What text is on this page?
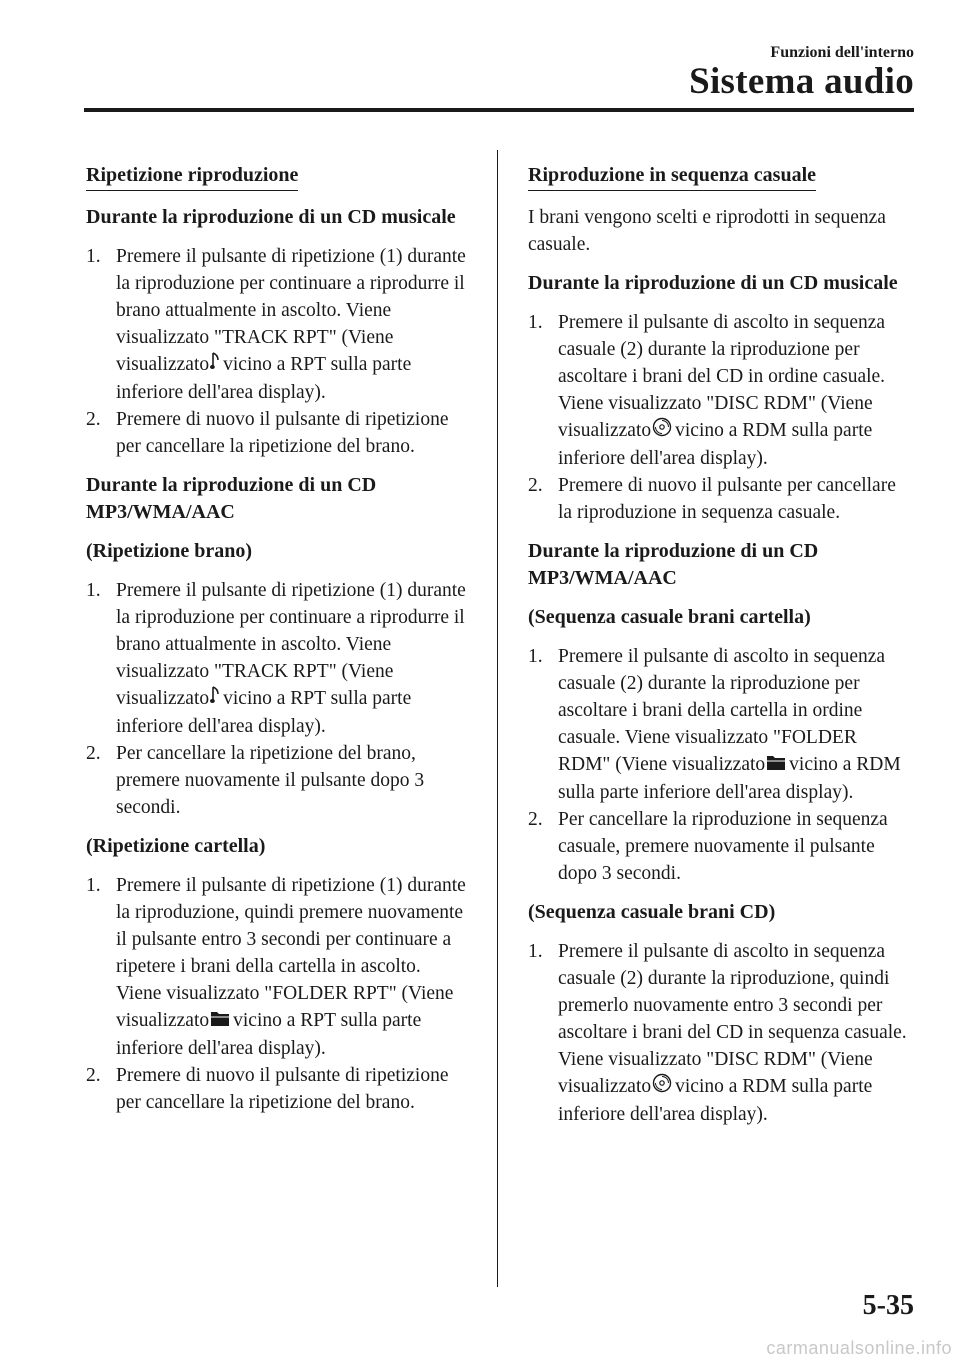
Funzioni dell'interno
Sistema audio
Ripetizione riproduzione
Durante la riproduzione di un CD musicale
1. Premere il pulsante di ripetizione (1) durante la riproduzione per continuare a riprodurre il brano attualmente in ascolto. Viene visualizzato "TRACK RPT" (Viene visualizzato vicino a RPT sulla parte inferiore dell'area display).
2. Premere di nuovo il pulsante di ripetizione per cancellare la ripetizione del brano.
Durante la riproduzione di un CD MP3/WMA/AAC
(Ripetizione brano)
1. Premere il pulsante di ripetizione (1) durante la riproduzione per continuare a riprodurre il brano attualmente in ascolto. Viene visualizzato "TRACK RPT" (Viene visualizzato vicino a RPT sulla parte inferiore dell'area display).
2. Per cancellare la ripetizione del brano, premere nuovamente il pulsante dopo 3 secondi.
(Ripetizione cartella)
1. Premere il pulsante di ripetizione (1) durante la riproduzione, quindi premere nuovamente il pulsante entro 3 secondi per continuare a ripetere i brani della cartella in ascolto. Viene visualizzato "FOLDER RPT" (Viene visualizzato vicino a RPT sulla parte inferiore dell'area display).
2. Premere di nuovo il pulsante di ripetizione per cancellare la ripetizione del brano.
Riproduzione in sequenza casuale
I brani vengono scelti e riprodotti in sequenza casuale.
Durante la riproduzione di un CD musicale
1. Premere il pulsante di ascolto in sequenza casuale (2) durante la riproduzione per ascoltare i brani del CD in ordine casuale. Viene visualizzato "DISC RDM" (Viene visualizzato vicino a RDM sulla parte inferiore dell'area display).
2. Premere di nuovo il pulsante per cancellare la riproduzione in sequenza casuale.
Durante la riproduzione di un CD MP3/WMA/AAC
(Sequenza casuale brani cartella)
1. Premere il pulsante di ascolto in sequenza casuale (2) durante la riproduzione per ascoltare i brani della cartella in ordine casuale. Viene visualizzato "FOLDER RDM" (Viene visualizzato vicino a RDM sulla parte inferiore dell'area display).
2. Per cancellare la riproduzione in sequenza casuale, premere nuovamente il pulsante dopo 3 secondi.
(Sequenza casuale brani CD)
1. Premere il pulsante di ascolto in sequenza casuale (2) durante la riproduzione, quindi premerlo nuovamente entro 3 secondi per ascoltare i brani del CD in sequenza casuale. Viene visualizzato "DISC RDM" (Viene visualizzato vicino a RDM sulla parte inferiore dell'area display).
5-35
carmanualsonline.info
